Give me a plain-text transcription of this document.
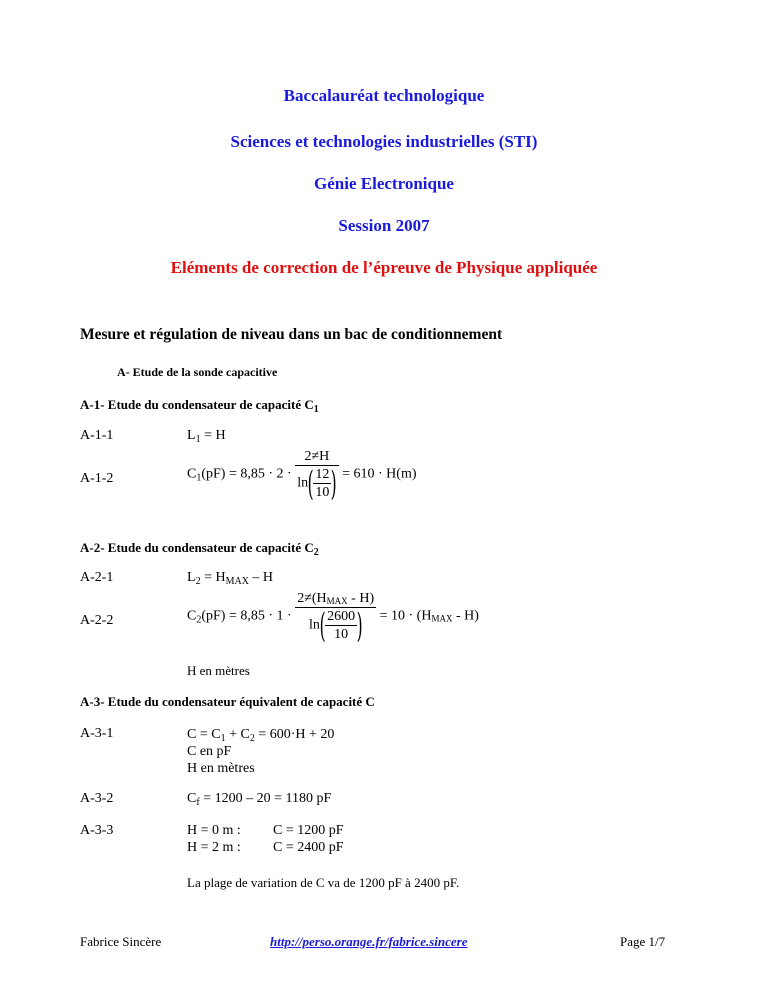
Baccalauréat technologique
Sciences et technologies industrielles (STI)
Génie Electronique
Session 2007
Eléments de correction de l’épreuve de Physique appliquée
Mesure et régulation de niveau dans un bac de conditionnement
A- Etude de la sonde capacitive
A-1- Etude du condensateur de capacité $C_1$
A-1-1	$L_1 = H$
A-1-2	$C_1(pF) = 8,85 \cdot 2 \cdot \frac{2\ne H}{\ln( \frac{12}{10} )} = 610 \cdot H(m)$
A-2- Etude du condensateur de capacité $C_2$
A-2-1	$L_2 = H_{MAX} - H$
A-2-2	$C_2(pF) = 8,85 \cdot 1 \cdot \frac{2\ne(H_{MAX} - H)}{\ln( \frac{2600}{10} )} = 10 \cdot (H_{MAX} - H)$
H en mètres
A-3- Etude du condensateur équivalent de capacité C
A-3-1	$C = C_1 + C_2 = 600\cdot H + 20$
C en pF
H en mètres
A-3-2	$C_f = 1200 - 20 = 1180$ pF
A-3-3	H = 0 m : C = 1200 pF
H = 2 m : C = 2400 pF
La plage de variation de C va de 1200 pF à 2400 pF.
Fabrice Sincère	http://perso.orange.fr/fabrice.sincere	Page 1/7
